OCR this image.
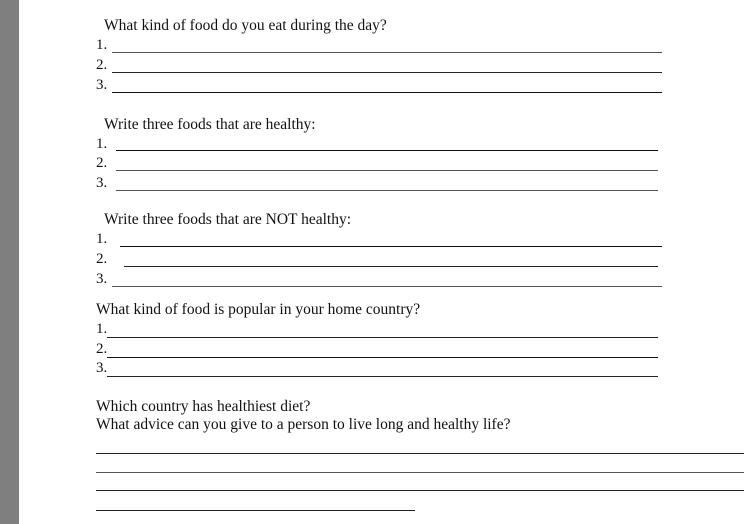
What kind of food do you eat during the day?
1.
2.
3.
Write three foods that are healthy:
1.
2.
3.
Write three foods that are NOT healthy:
1.
2.
3.
What kind of food is popular in your home country?
1.
2.
3.
Which country has healthiest diet?
What advice can you give to a person to live long and healthy life?
